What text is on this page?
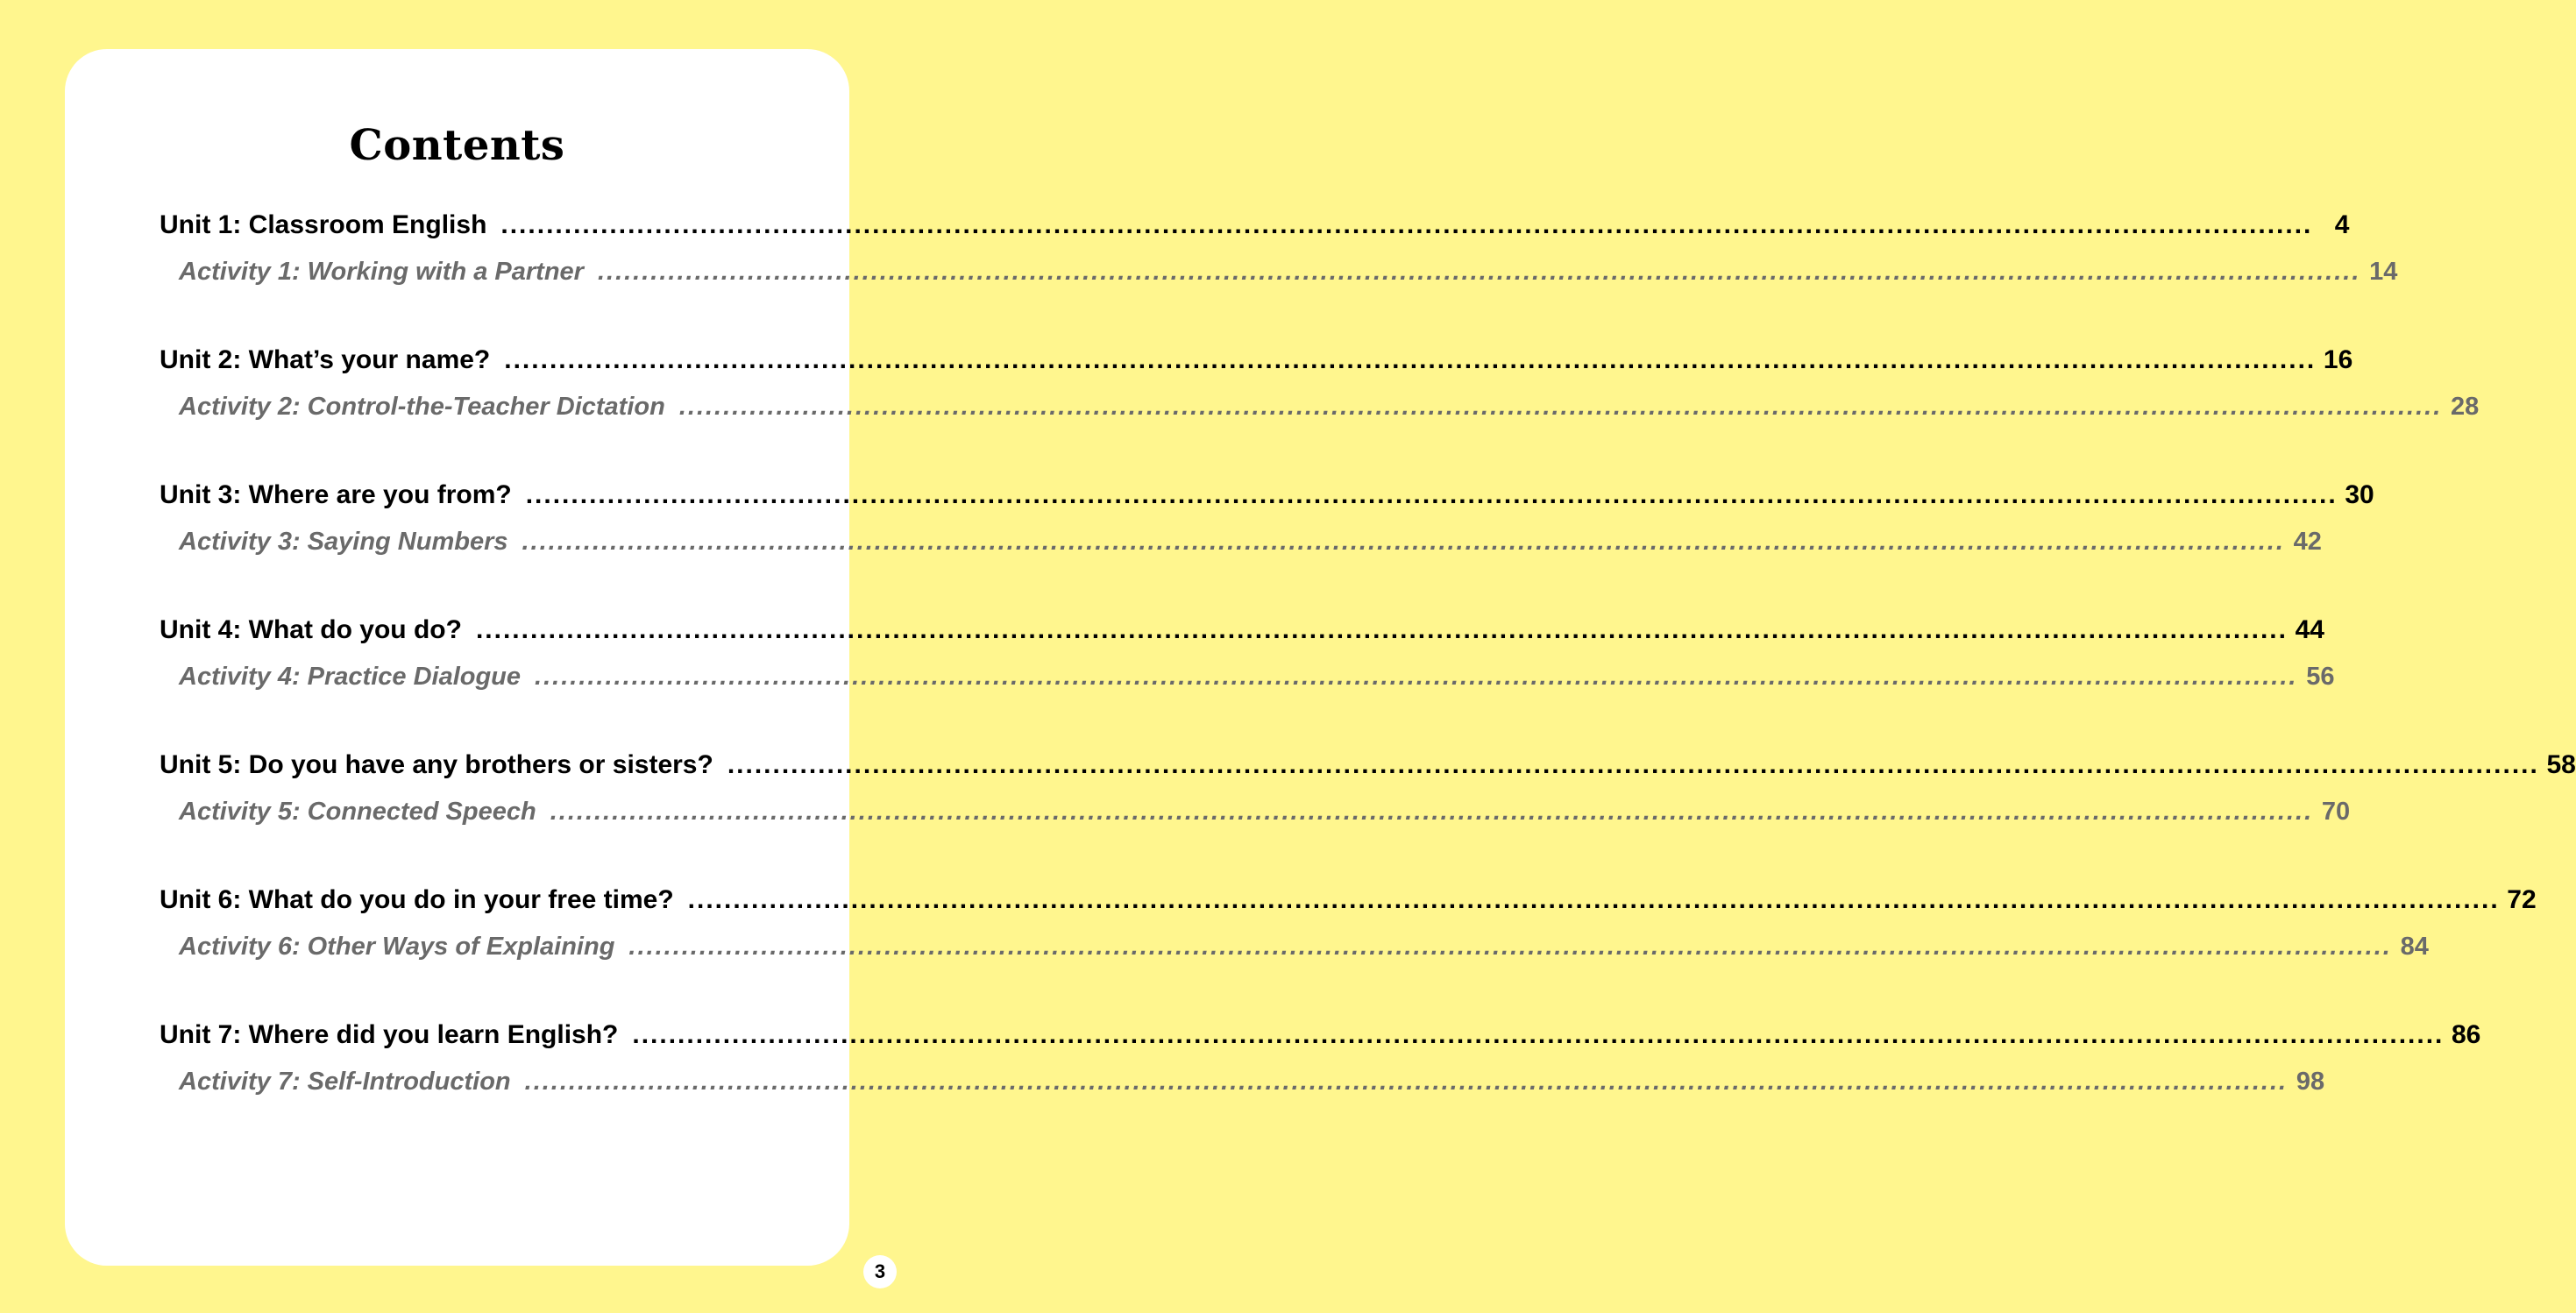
Contents
Unit 1: Classroom English ........................................................................................................................................................................................................ 4
Activity 1: Working with a Partner ........................................................................................................................................................................................................ 14
Unit 2: What’s your name? ........................................................................................................................................................................................................ 16
Activity 2: Control-the-Teacher Dictation ........................................................................................................................................................................................................ 28
Unit 3: Where are you from? ........................................................................................................................................................................................................ 30
Activity 3: Saying Numbers ........................................................................................................................................................................................................ 42
Unit 4: What do you do? ........................................................................................................................................................................................................ 44
Activity 4: Practice Dialogue ........................................................................................................................................................................................................ 56
Unit 5: Do you have any brothers or sisters? ........................................................................................................................................................................................................ 58
Activity 5: Connected Speech ........................................................................................................................................................................................................ 70
Unit 6: What do you do in your free time? ........................................................................................................................................................................................................ 72
Activity 6: Other Ways of Explaining ........................................................................................................................................................................................................ 84
Unit 7: Where did you learn English? ........................................................................................................................................................................................................ 86
Activity 7: Self-Introduction ........................................................................................................................................................................................................ 98
3
